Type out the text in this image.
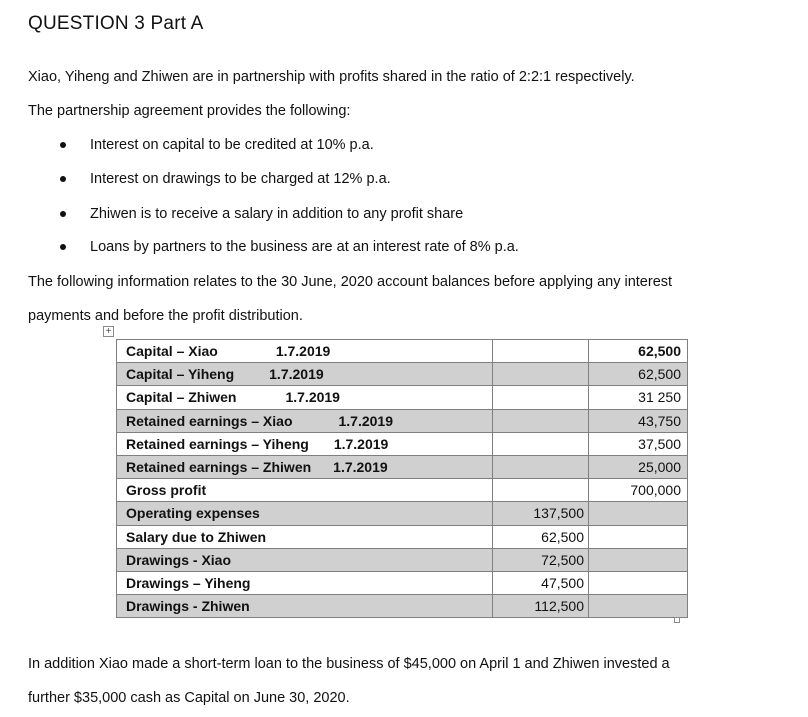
QUESTION 3 Part A
Xiao, Yiheng and Zhiwen are in partnership with profits shared in the ratio of 2:2:1 respectively.
The partnership agreement provides the following:
Interest on capital to be credited at 10% p.a.
Interest on drawings to be charged at 12% p.a.
Zhiwen is to receive a salary in addition to any profit share
Loans by partners to the business are at an interest rate of 8% p.a.
The following information relates to the 30 June, 2020 account balances before applying any interest
payments and before the profit distribution.
+
Capital – Xiao 1.7.2019		62,500
Capital – Yiheng 1.7.2019		62,500
Capital – Zhiwen 1.7.2019		31 250
Retained earnings – Xiao 1.7.2019		43,750
Retained earnings – Yiheng 1.7.2019		37,500
Retained earnings – Zhiwen 1.7.2019		25,000
Gross profit		700,000
Operating expenses	137,500	
Salary due to Zhiwen	62,500	
Drawings - Xiao	72,500	
Drawings – Yiheng	47,500	
Drawings - Zhiwen	112,500	
In addition Xiao made a short-term loan to the business of $45,000 on April 1 and Zhiwen invested a
further $35,000 cash as Capital on June 30, 2020.
